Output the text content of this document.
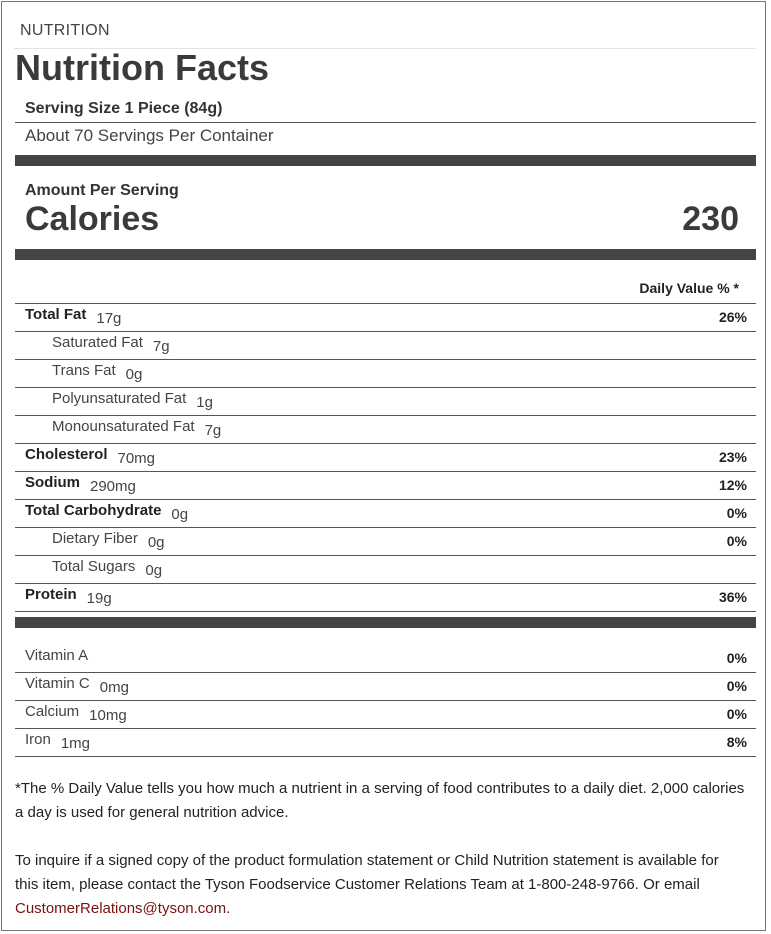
NUTRITION
Nutrition Facts
Serving Size 1 Piece (84g)
About 70 Servings Per Container
Amount Per Serving
Calories	230
Daily Value % *
Total Fat 17g	26%
Saturated Fat 7g
Trans Fat 0g
Polyunsaturated Fat 1g
Monounsaturated Fat 7g
Cholesterol 70mg	23%
Sodium 290mg	12%
Total Carbohydrate 0g	0%
Dietary Fiber 0g	0%
Total Sugars 0g
Protein 19g	36%
Vitamin A	0%
Vitamin C 0mg	0%
Calcium 10mg	0%
Iron 1mg	8%
*The % Daily Value tells you how much a nutrient in a serving of food contributes to a daily diet. 2,000 calories a day is used for general nutrition advice.
To inquire if a signed copy of the product formulation statement or Child Nutrition statement is available for this item, please contact the Tyson Foodservice Customer Relations Team at 1-800-248-9766. Or email CustomerRelations@tyson.com.
